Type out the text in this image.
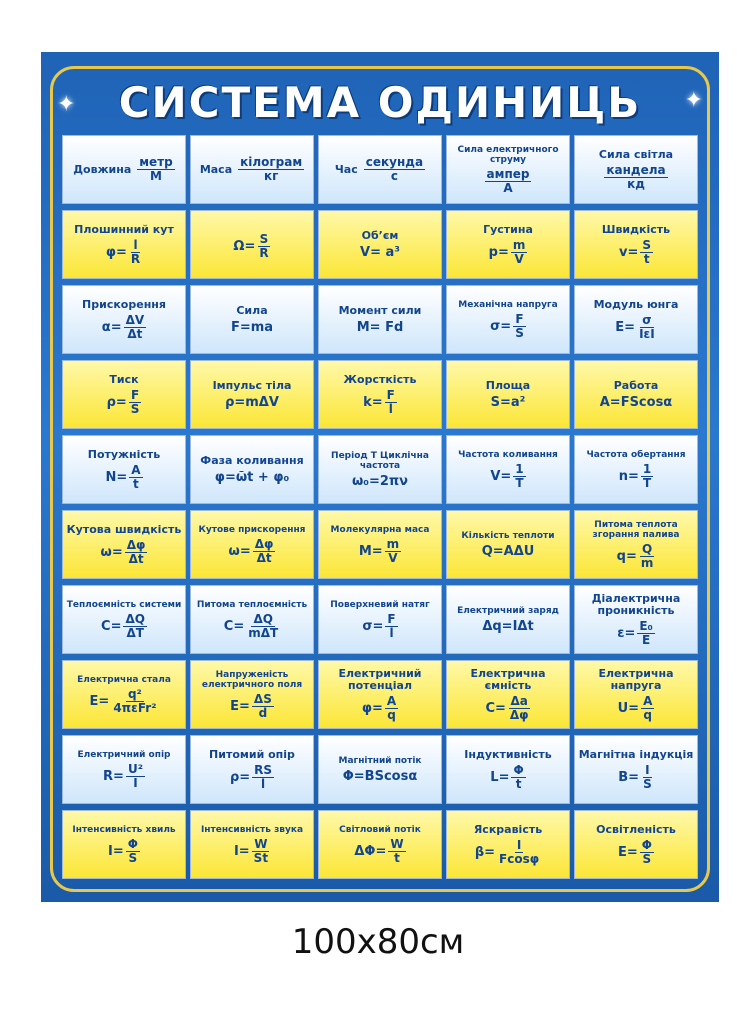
✦	✦
СИСТЕМА ОДИНИЦЬ
Довжина $\frac{\text{метр}}{М}$ Маса $\frac{\text{кілограм}}{кг}$	Час $\frac{\text{секунда}}{с}$
Сила електричного струму
$\frac{\text{ампер}}{А}$
Сила світла
$\frac{\text{кандела}}{кд}$
Плошинний кут
$\varphi= \frac{l}{R}$	$\Omega= \frac{S}{R}$	Об’єм
V= a³
Густина
$p= \frac{m}{V}$
Швидкість
$v= \frac{S}{t}$
Прискорення
$\alpha= \frac{\Delta V}{\Delta t}$
Сила
F=ma
Момент сили
M= Fd
Механічна напруга
$\sigma= \frac{F}{S}$
Модуль юнга
$E= \frac{\sigma}{\text{IεI}}$
Тиск
$\rho= \frac{F}{S}$
Імпульс тіла
ρ=mΔV
Жорсткість
$k= \frac{F}{l}$
Площа
S=a²
Работа
A=FScosα
Потужність
$N= \frac{A}{t}$
Фаза коливання
φ=ῶt + φ₀
Період Т Циклічна частота
ω₀=2πν
Частота коливання
$V= \frac{1}{T}$
Частота обертання
$n= \frac{1}{T}$
Кутова швидкість
$\omega= \frac{\Delta\varphi}{\Delta t}$
Кутове прискорення
$\omega= \frac{\Delta\varphi}{\Delta t}$
Молекулярна маса
$M= \frac{m}{V}$
Кількість теплоти
Q=AΔU
Питома теплота згорання палива
$q= \frac{Q}{m}$
Теплоємність системи
$C= \frac{\Delta Q}{\Delta T}$
Питома теплоємність
$C= \frac{\Delta Q}{\text{mΔT}}$
Поверхневий натяг
$\sigma= \frac{F}{l}$
Електричний заряд
Δq=IΔt
Діалектрична проникність
$\varepsilon= \frac{\text{E₀}}{E}$
Електрична стала
$E= \frac{\text{q²}}{\text{4πεFr²}}$
Напруженість електричного поля
$E= \frac{\Delta S}{d}$
Електричний потенціал
$\varphi= \frac{A}{q}$
Електрична ємність
$C= \frac{\Delta a}{\Delta\varphi}$
Електрична напруга
$U= \frac{A}{q}$
Електричний опір
$R= \frac{\text{U²}}{I}$
Питомий опір
$\rho= \frac{RS}{l}$
Магнітний потік
Φ=BScosα
Індуктивність
$L= \frac{\Phi}{t}$
Магнітна індукція
$B= \frac{I}{S}$
Інтенсивність хвиль
$I= \frac{\Phi}{S}$
Інтенсивність звука
$I= \frac{W}{St}$
Світловий потік
$\Delta\Phi= \frac{W}{t}$
Яскравість
$\beta= \frac{I}{Fcos\varphi}$
Освітленість
$E= \frac{\Phi}{S}$
100х80см
